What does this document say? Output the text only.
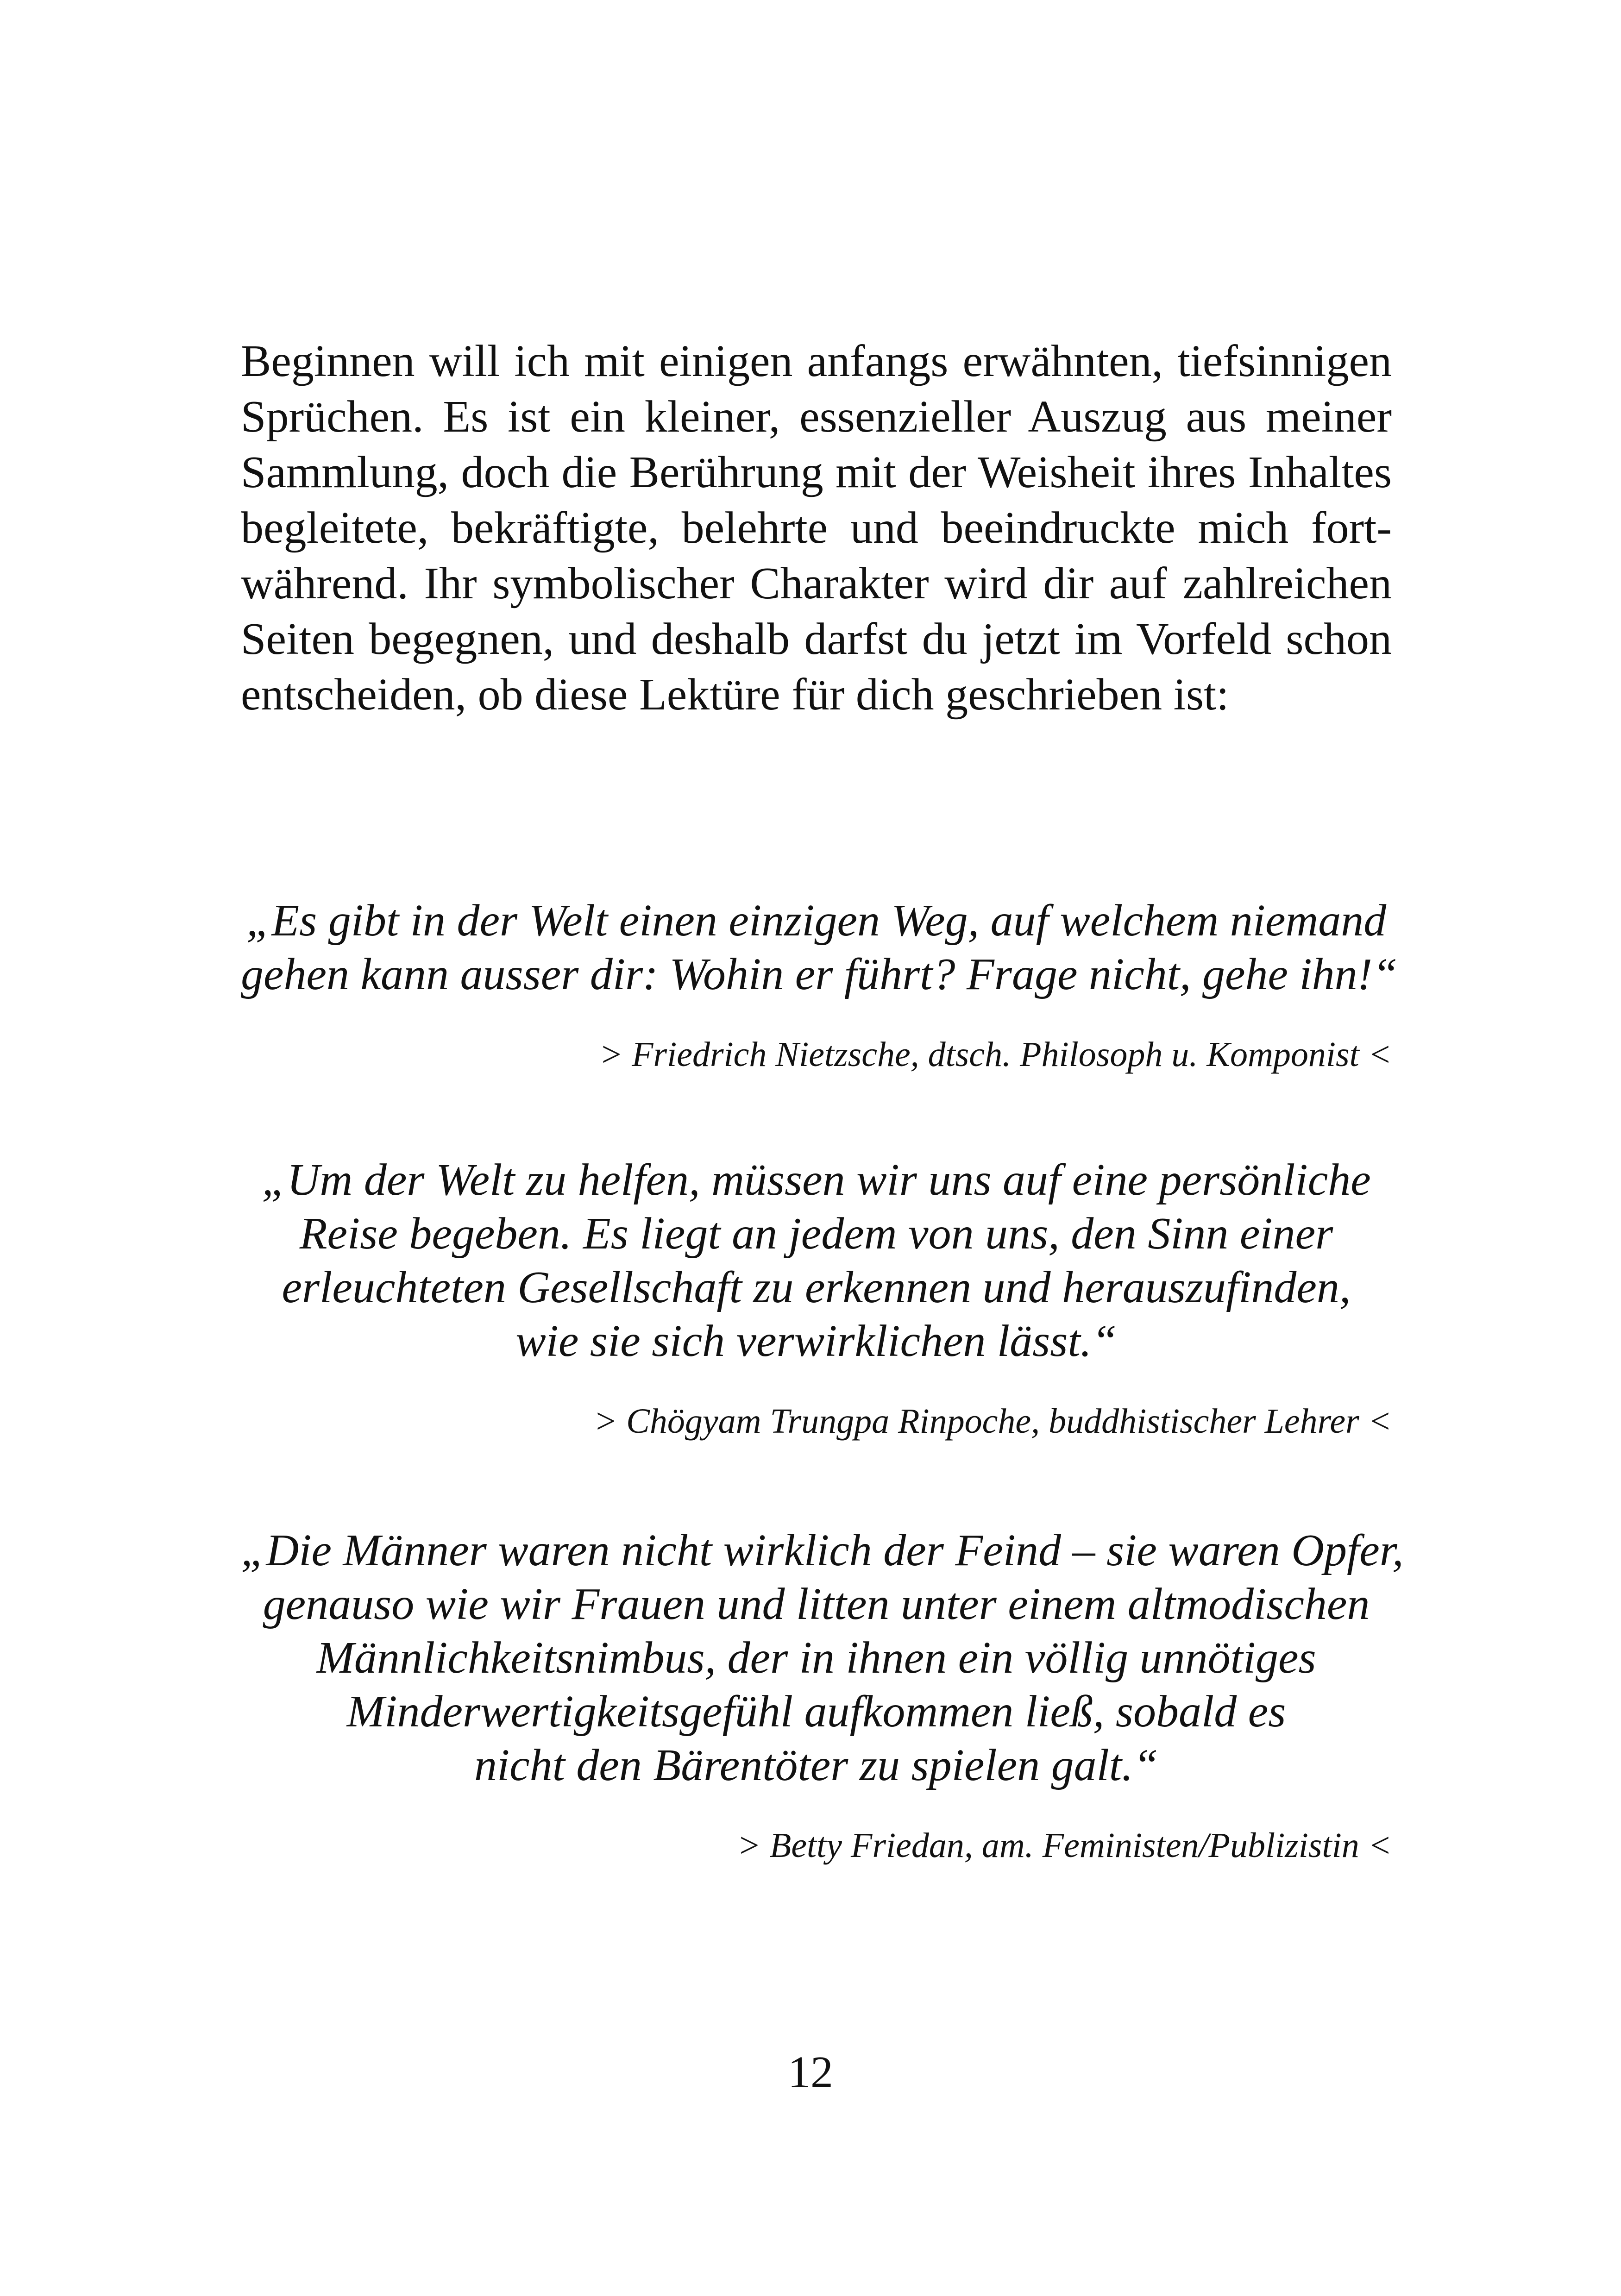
Beginnen will ich mit einigen anfangs erwähnten, tiefsinnigen
Sprüchen. Es ist ein kleiner, essenzieller Auszug aus meiner
Sammlung, doch die Berührung mit der Weisheit ihres Inhaltes
begleitete, bekräftigte, belehrte und beeindruckte mich fort-
während. Ihr symbolischer Charakter wird dir auf zahlreichen
Seiten begegnen, und deshalb darfst du jetzt im Vorfeld schon
entscheiden, ob diese Lektüre für dich geschrieben ist:
„Es gibt in der Welt einen einzigen Weg, auf welchem niemand
gehen kann ausser dir: Wohin er führt? Frage nicht, gehe ihn!“
> Friedrich Nietzsche, dtsch. Philosoph u. Komponist <
„Um der Welt zu helfen, müssen wir uns auf eine persönliche
Reise begeben. Es liegt an jedem von uns, den Sinn einer
erleuchteten Gesellschaft zu erkennen und herauszufinden,
wie sie sich verwirklichen lässt.“
> Chögyam Trungpa Rinpoche, buddhistischer Lehrer <
„Die Männer waren nicht wirklich der Feind – sie waren Opfer,
genauso wie wir Frauen und litten unter einem altmodischen
Männlichkeitsnimbus, der in ihnen ein völlig unnötiges
Minderwertigkeitsgefühl aufkommen ließ, sobald es
nicht den Bärentöter zu spielen galt.“
> Betty Friedan, am. Feministen/Publizistin <
12
